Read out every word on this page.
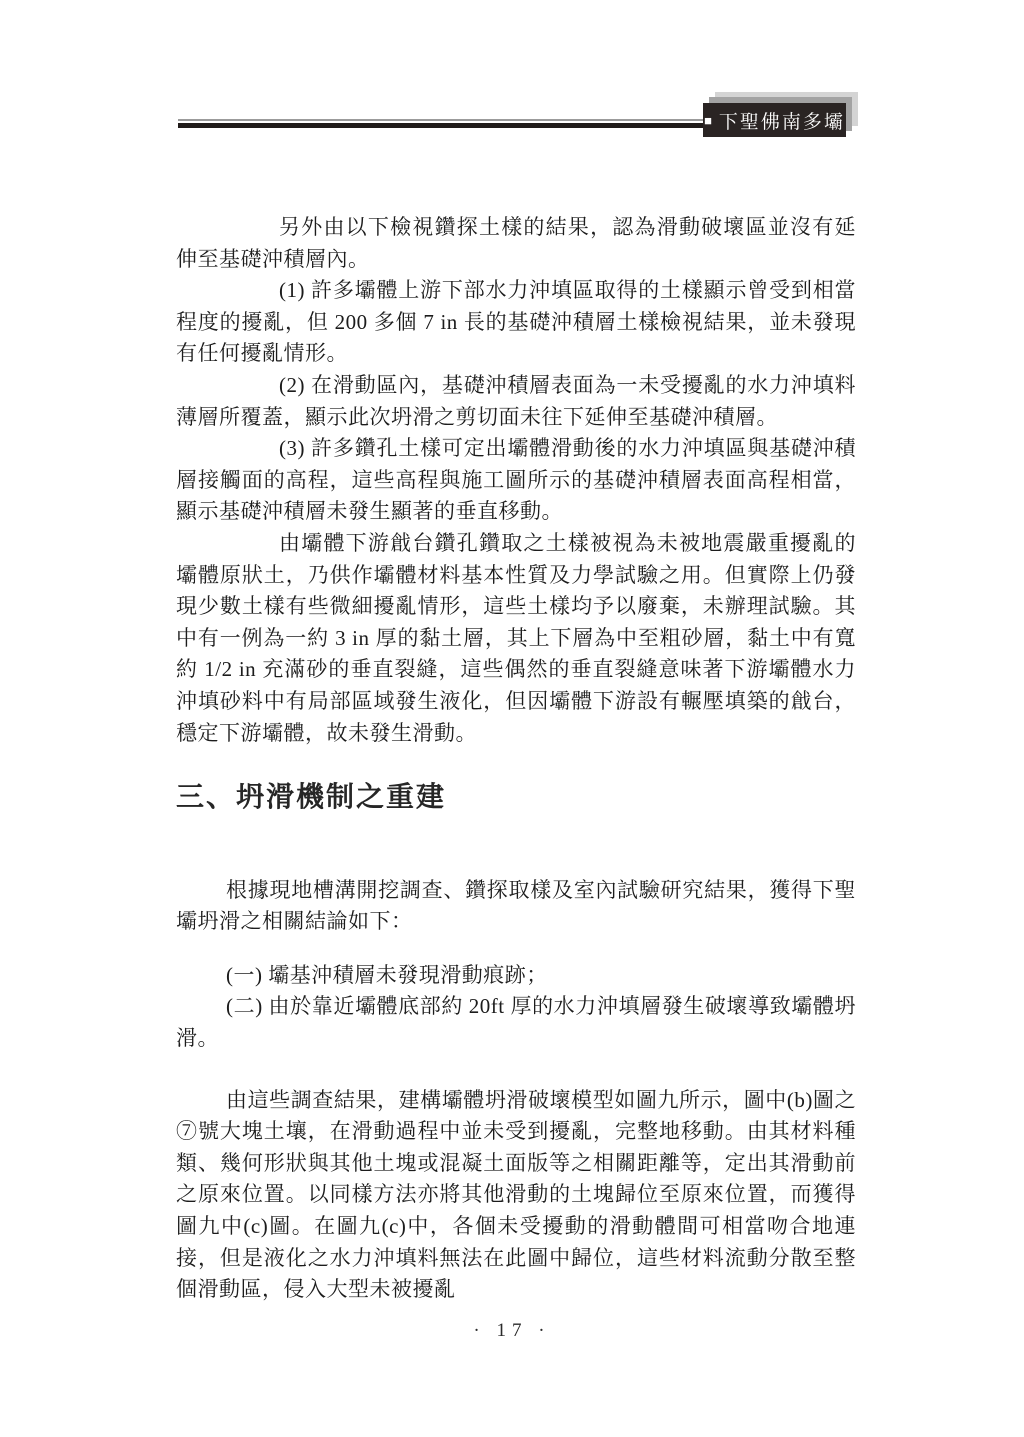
■ 下聖佛南多壩

另外由以下檢視鑽探土樣的結果，認為滑動破壞區並沒有延伸至基礎沖積層內。

(1) 許多壩體上游下部水力沖填區取得的土樣顯示曾受到相當程度的擾亂，但 200 多個 7 in 長的基礎沖積層土樣檢視結果，並未發現有任何擾亂情形。

(2) 在滑動區內，基礎沖積層表面為一未受擾亂的水力沖填料薄層所覆蓋，顯示此次坍滑之剪切面未往下延伸至基礎沖積層。

(3) 許多鑽孔土樣可定出壩體滑動後的水力沖填區與基礎沖積層接觸面的高程，這些高程與施工圖所示的基礎沖積層表面高程相當，顯示基礎沖積層未發生顯著的垂直移動。

由壩體下游戧台鑽孔鑽取之土樣被視為未被地震嚴重擾亂的壩體原狀土，乃供作壩體材料基本性質及力學試驗之用。但實際上仍發現少數土樣有些微細擾亂情形，這些土樣均予以廢棄，未辦理試驗。其中有一例為一約 3 in 厚的黏土層，其上下層為中至粗砂層，黏土中有寬約 1/2 in 充滿砂的垂直裂縫，這些偶然的垂直裂縫意味著下游壩體水力沖填砂料中有局部區域發生液化，但因壩體下游設有輾壓填築的戧台，穩定下游壩體，故未發生滑動。

三、坍滑機制之重建

根據現地槽溝開挖調查、鑽探取樣及室內試驗研究結果，獲得下聖壩坍滑之相關結論如下：

(一) 壩基沖積層未發現滑動痕跡；

(二) 由於靠近壩體底部約 20ft 厚的水力沖填層發生破壞導致壩體坍滑。

由這些調查結果，建構壩體坍滑破壞模型如圖九所示，圖中(b)圖之⑦號大塊土壤，在滑動過程中並未受到擾亂，完整地移動。由其材料種類、幾何形狀與其他土塊或混凝土面版等之相關距離等，定出其滑動前之原來位置。以同樣方法亦將其他滑動的土塊歸位至原來位置，而獲得圖九中(c)圖。在圖九(c)中，各個未受擾動的滑動體間可相當吻合地連接，但是液化之水力沖填料無法在此圖中歸位，這些材料流動分散至整個滑動區，侵入大型未被擾亂

· 17 ·
